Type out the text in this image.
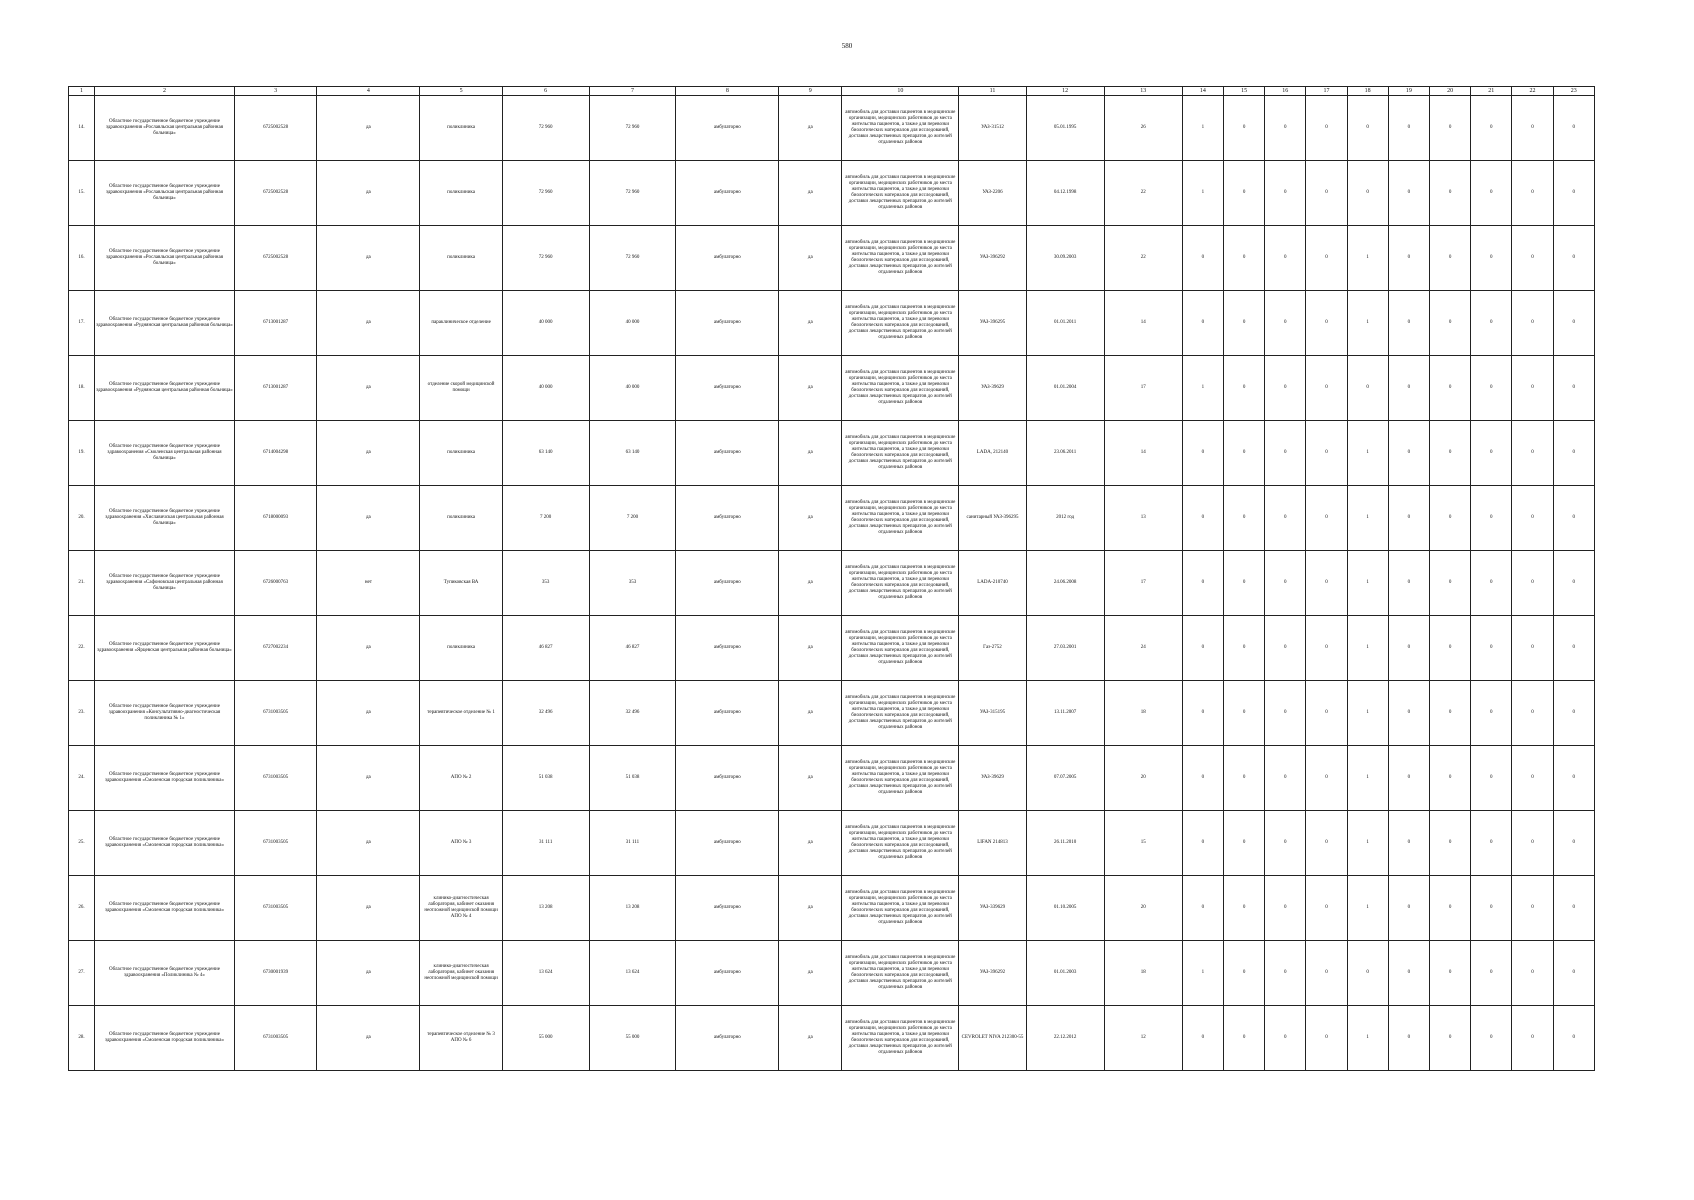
580
1	2	3	4	5	6	7	8	9	10	11	12	13	14	15	16	17	18	19	20	21	22	23
14.	Областное государственное бюджетное учреждение здравоохранения «Рославльская центральная районная больница»	6725002528	да	поликлиника	72 960	72 960	амбулаторно	да	автомобиль для доставки пациентов в медицинские организации, медицинских работников до места жительства пациентов, а также для перевозки биологических материалов для исследований, доставки лекарственных препаратов до жителей отдаленных районов	УАЗ-31512	05.01.1995	26	1	0	0	0	0	0	0	0	0	0
15.	Областное государственное бюджетное учреждение здравоохранения «Рославльская центральная районная больница»	6725002528	да	поликлиника	72 960	72 960	амбулаторно	да	автомобиль для доставки пациентов в медицинские организации, медицинских работников до места жительства пациентов, а также для перевозки биологических материалов для исследований, доставки лекарственных препаратов до жителей отдаленных районов	УАЗ-2206	04.12.1998	22	1	0	0	0	0	0	0	0	0	0
16.	Областное государственное бюджетное учреждение здравоохранения «Рославльская центральная районная больница»	6725002528	да	поликлиника	72 960	72 960	амбулаторно	да	автомобиль для доставки пациентов в медицинские организации, медицинских работников до места жительства пациентов, а также для перевозки биологических материалов для исследований, доставки лекарственных препаратов до жителей отдаленных районов	УАЗ-396292	30.09.2003	22	0	0	0	0	1	0	0	0	0	0
17.	Областное государственное бюджетное учреждение здравоохранения «Руднянская центральная районная больница»	6713001287	да	параклиническое отделение	40 000	40 000	амбулаторно	да	автомобиль для доставки пациентов в медицинские организации, медицинских работников до места жительства пациентов, а также для перевозки биологических материалов для исследований, доставки лекарственных препаратов до жителей отдаленных районов	УАЗ-396295	01.01.2011	14	0	0	0	0	1	0	0	0	0	0
18.	Областное государственное бюджетное учреждение здравоохранения «Руднянская центральная районная больница»	6713001287	да	отделение скорой медицинской помощи	40 000	40 000	амбулаторно	да	автомобиль для доставки пациентов в медицинские организации, медицинских работников до места жительства пациентов, а также для перевозки биологических материалов для исследований, доставки лекарственных препаратов до жителей отдаленных районов	УАЗ-39629	01.01.2004	17	1	0	0	0	0	0	0	0	0	0
19.	Областное государственное бюджетное учреждение здравоохранения «Смоленская центральная районная больница»	6714004298	да	поликлиника	63 140	63 140	амбулаторно	да	автомобиль для доставки пациентов в медицинские организации, медицинских работников до места жительства пациентов, а также для перевозки биологических материалов для исследований, доставки лекарственных препаратов до жителей отдаленных районов	LADA, 212140	23.06.2011	14	0	0	0	0	1	0	0	0	0	0
20.	Областное государственное бюджетное учреждение здравоохранения «Хиславичская центральная районная больница»	6718000093	да	поликлиника	7 200	7 200	амбулаторно	да	автомобиль для доставки пациентов в медицинские организации, медицинских работников до места жительства пациентов, а также для перевозки биологических материалов для исследований, доставки лекарственных препаратов до жителей отдаленных районов	санитарный УАЗ-396295	2012 год	13	0	0	0	0	1	0	0	0	0	0
21.	Областное государственное бюджетное учреждение здравоохранения «Сафоновская центральная районная больница»	6726000763	нет	Тупиковская ВА	353	353	амбулаторно	да	автомобиль для доставки пациентов в медицинские организации, медицинских работников до места жительства пациентов, а также для перевозки биологических материалов для исследований, доставки лекарственных препаратов до жителей отдаленных районов	LADA-210740	24.06.2008	17	0	0	0	0	1	0	0	0	0	0
22.	Областное государственное бюджетное учреждение здравоохранения «Ярцевская центральная районная больница»	6727002234	да	поликлиника	46 827	46 827	амбулаторно	да	автомобиль для доставки пациентов в медицинские организации, медицинских работников до места жительства пациентов, а также для перевозки биологических материалов для исследований, доставки лекарственных препаратов до жителей отдаленных районов	Газ-2752	27.03.2001	24	0	0	0	0	1	0	0	0	0	0
23.	Областное государственное бюджетное учреждение здравоохранения «Консультативно-диагностическая поликлиника № 1»	6731003505	да	терапевтическое отделение № 1	32 496	32 496	амбулаторно	да	автомобиль для доставки пациентов в медицинские организации, медицинских работников до места жительства пациентов, а также для перевозки биологических материалов для исследований, доставки лекарственных препаратов до жителей отдаленных районов	УАЗ-315195	13.11.2007	18	0	0	0	0	1	0	0	0	0	0
24.	Областное государственное бюджетное учреждение здравоохранения «Смоленская городская поликлиника»	6731003505	да	АПО № 2	51 038	51 038	амбулаторно	да	автомобиль для доставки пациентов в медицинские организации, медицинских работников до места жительства пациентов, а также для перевозки биологических материалов для исследований, доставки лекарственных препаратов до жителей отдаленных районов	УАЗ-39629	07.07.2005	20	0	0	0	0	1	0	0	0	0	0
25.	Областное государственное бюджетное учреждение здравоохранения «Смоленская городская поликлиника»	6731003505	да	АПО № 3	31 111	31 111	амбулаторно	да	автомобиль для доставки пациентов в медицинские организации, медицинских работников до места жительства пациентов, а также для перевозки биологических материалов для исследований, доставки лекарственных препаратов до жителей отдаленных районов	LIFAN 214813	26.11.2010	15	0	0	0	0	1	0	0	0	0	0
26.	Областное государственное бюджетное учреждение здравоохранения «Смоленская городская поликлиника»	6731003505	да	клинико-диагностическая лаборатория, кабинет оказания неотложной медицинской помощи АПО № 4	13 208	13 208	амбулаторно	да	автомобиль для доставки пациентов в медицинские организации, медицинских работников до места жительства пациентов, а также для перевозки биологических материалов для исследований, доставки лекарственных препаратов до жителей отдаленных районов	УАЗ-339629	01.10.2005	20	0	0	0	0	1	0	0	0	0	0
27.	Областное государственное бюджетное учреждение здравоохранения «Поликлиника № 4»	6730001939	да	клинико-диагностическая лаборатория, кабинет оказания неотложной медицинской помощи	13 624	13 624	амбулаторно	да	автомобиль для доставки пациентов в медицинские организации, медицинских работников до места жительства пациентов, а также для перевозки биологических материалов для исследований, доставки лекарственных препаратов до жителей отдаленных районов	УАЗ-396292	01.01.2003	18	1	0	0	0	0	0	0	0	0	0
28.	Областное государственное бюджетное учреждение здравоохранения «Смоленская городская поликлиника»	6731003505	да	терапевтическое отделение № 3 АПО № 6	55 000	55 000	амбулаторно	да	автомобиль для доставки пациентов в медицинские организации, медицинских работников до места жительства пациентов, а также для перевозки биологических материалов для исследований, доставки лекарственных препаратов до жителей отдаленных районов	CEVROLET NIVA 212300-55	22.12.2012	12	0	0	0	0	1	0	0	0	0	0
